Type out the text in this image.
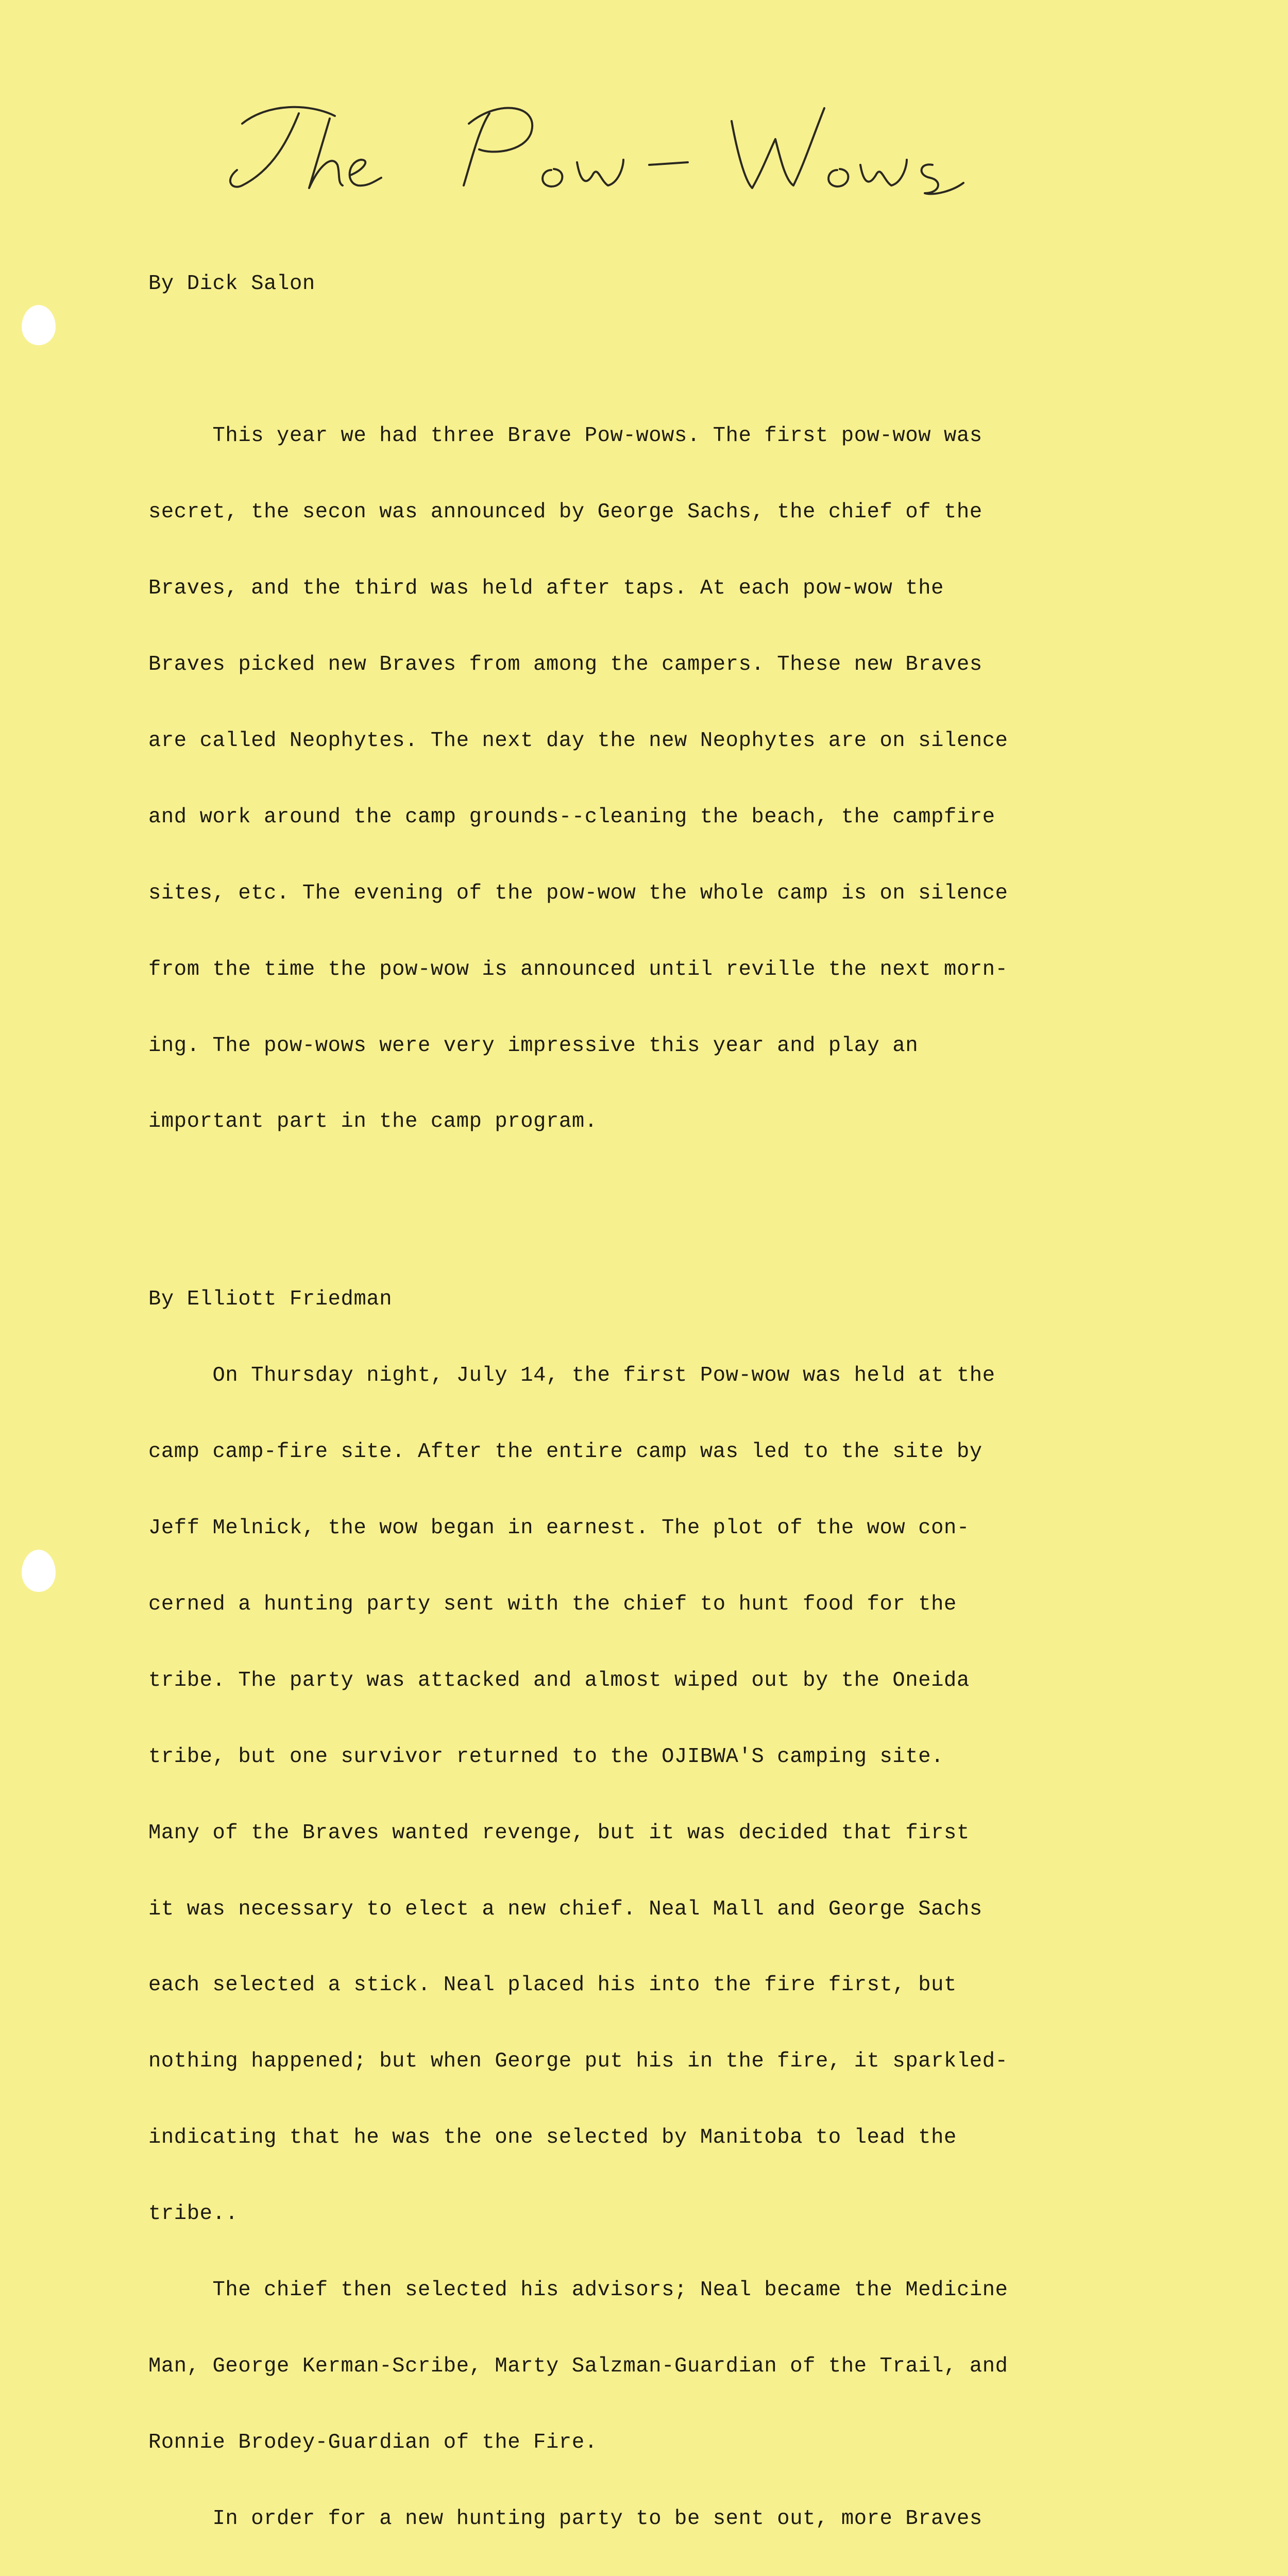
By Dick Salon

This year we had three Brave Pow-wows. The first pow-wow was

secret, the secon was announced by George Sachs, the chief of the

Braves, and the third was held after taps. At each pow-wow the

Braves picked new Braves from among the campers. These new Braves

are called Neophytes. The next day the new Neophytes are on silence

and work around the camp grounds--cleaning the beach, the campfire

sites, etc. The evening of the pow-wow the whole camp is on silence

from the time the pow-wow is announced until reville the next morn-

ing. The pow-wows were very impressive this year and play an

important part in the camp program.

By Elliott Friedman

On Thursday night, July 14, the first Pow-wow was held at the

camp camp-fire site. After the entire camp was led to the site by

Jeff Melnick, the wow began in earnest. The plot of the wow con-

cerned a hunting party sent with the chief to hunt food for the

tribe. The party was attacked and almost wiped out by the Oneida

tribe, but one survivor returned to the OJIBWA'S camping site.

Many of the Braves wanted revenge, but it was decided that first

it was necessary to elect a new chief. Neal Mall and George Sachs

each selected a stick. Neal placed his into the fire first, but

nothing happened; but when George put his in the fire, it sparkled-

indicating that he was the one selected by Manitoba to lead the

tribe..

The chief then selected his advisors; Neal became the Medicine

Man, George Kerman-Scribe, Marty Salzman-Guardian of the Trail, and

Ronnie Brodey-Guardian of the Fire.

In order for a new hunting party to be sent out, more Braves
